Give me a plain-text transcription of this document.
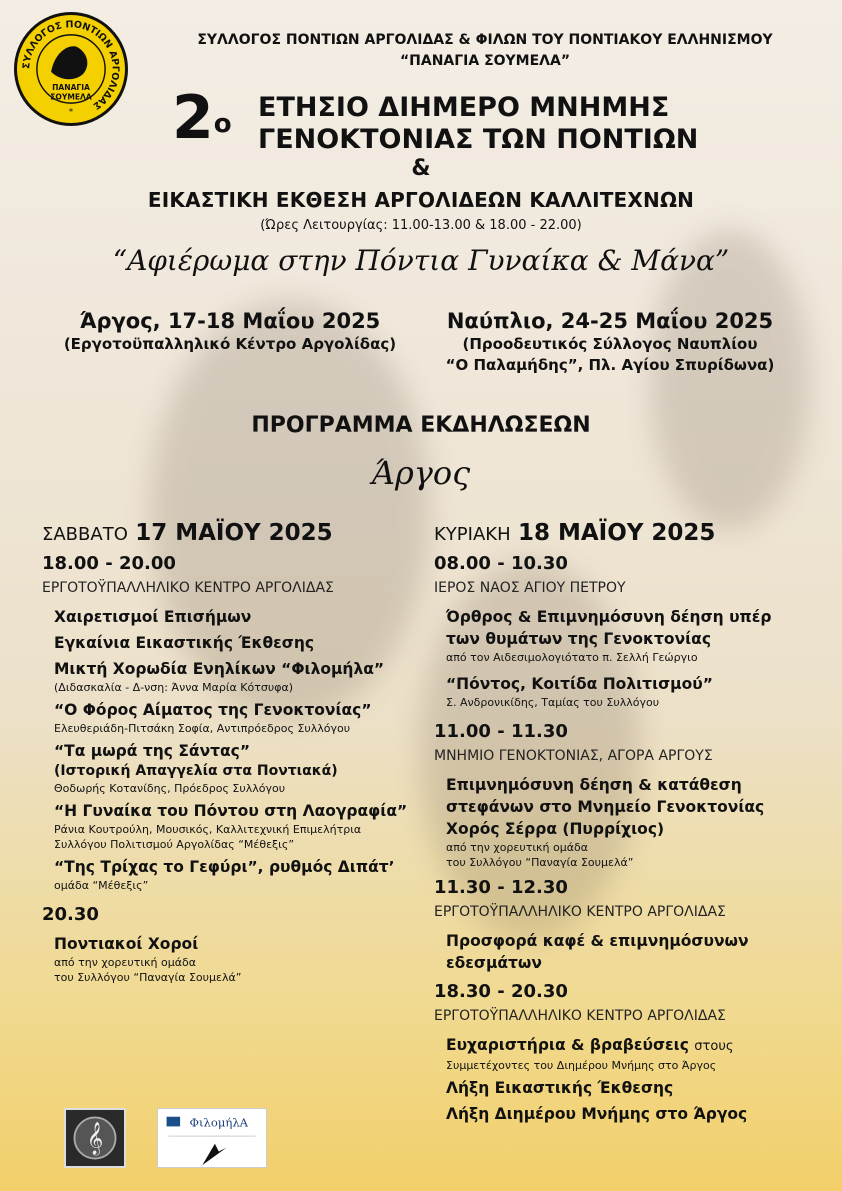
ΣΥΛΛΟΓΟΣ ΠΟΝΤΙΩΝ ΑΡΓΟΛΙΔΑΣ
ΠΑΝΑΓΙΑ
ΣΟΥΜΕΛΑ
*
ΣΥΛΛΟΓΟΣ ΠΟΝΤΙΩΝ ΑΡΓΟΛΙΔΑΣ & ΦΙΛΩΝ ΤΟΥ ΠΟΝΤΙΑΚΟΥ ΕΛΛΗΝΙΣΜΟΥ
“ΠΑΝΑΓΙΑ ΣΟΥΜΕΛΑ”
$2^o$
ΕΤΗΣΙΟ ΔΙΗΜΕΡΟ ΜΝΗΜΗΣ
ΓΕΝΟΚΤΟΝΙΑΣ ΤΩΝ ΠΟΝΤΙΩΝ
&
ΕΙΚΑΣΤΙΚΗ ΕΚΘΕΣΗ ΑΡΓΟΛΙΔΕΩΝ ΚΑΛΛΙΤΕΧΝΩΝ
(Ώρες Λειτουργίας: 11.00-13.00 & 18.00 - 22.00)
“Αφιέρωμα στην Πόντια Γυναίκα & Μάνα”
Άργος, 17-18 Μαΐου 2025
(Εργοτοϋπαλληλικό Κέντρο Αργολίδας)
Ναύπλιο, 24-25 Μαΐου 2025
(Προοδευτικός Σύλλογος Ναυπλίου
“Ο Παλαμήδης”, Πλ. Αγίου Σπυρίδωνα)
ΠΡΟΓΡΑΜΜΑ ΕΚΔΗΛΩΣΕΩΝ
Άργος
ΣΑΒΒΑΤΟ 17 ΜΑΪΟΥ 2025
18.00 - 20.00
ΕΡΓΟΤΟΫΠΑΛΛΗΛΙΚΟ ΚΕΝΤΡΟ ΑΡΓΟΛΙΔΑΣ
Χαιρετισμοί Επισήμων
Εγκαίνια Εικαστικής Έκθεσης
Μικτή Χορωδία Ενηλίκων “Φιλομήλα”
(Διδασκαλία - Δ-νση: Άννα Μαρία Κότσυφα)
“Ο Φόρος Αίματος της Γενοκτονίας”
Ελευθεριάδη-Πιτσάκη Σοφία, Αντιπρόεδρος Συλλόγου
“Τα μωρά της Σάντας”
(Ιστορική Απαγγελία στα Ποντιακά)
Θοδωρής Κοτανίδης, Πρόεδρος Συλλόγου
“Η Γυναίκα του Πόντου στη Λαογραφία”
Ράνια Κουτρούλη, Μουσικός, Καλλιτεχνική Επιμελήτρια
Συλλόγου Πολιτισμού Αργολίδας “Μέθεξις”
“Της Τρίχας το Γεφύρι”, ρυθμός Διπάτ’
ομάδα “Μέθεξις”
20.30
Ποντιακοί Χοροί
από την χορευτική ομάδα
του Συλλόγου “Παναγία Σουμελά”
ΚΥΡΙΑΚΗ 18 ΜΑΪΟΥ 2025
08.00 - 10.30
ΙΕΡΟΣ ΝΑΟΣ ΑΓΙΟΥ ΠΕΤΡΟΥ
Όρθρος & Επιμνημόσυνη δέηση υπέρ
των θυμάτων της Γενοκτονίας
από τον Αιδεσιμολογιότατο π. Σελλή Γεώργιο
“Πόντος, Κοιτίδα Πολιτισμού”
Σ. Ανδρονικίδης, Ταμίας του Συλλόγου
11.00 - 11.30
ΜΝΗΜΙΟ ΓΕΝΟΚΤΟΝΙΑΣ, ΑΓΟΡΑ ΑΡΓΟΥΣ
Επιμνημόσυνη δέηση & κατάθεση
στεφάνων στο Μνημείο Γενοκτονίας
Χορός Σέρρα (Πυρρίχιος)
από την χορευτική ομάδα
του Συλλόγου “Παναγία Σουμελά”
11.30 - 12.30
ΕΡΓΟΤΟΫΠΑΛΛΗΛΙΚΟ ΚΕΝΤΡΟ ΑΡΓΟΛΙΔΑΣ
Προσφορά καφέ & επιμνημόσυνων
εδεσμάτων
18.30 - 20.30
ΕΡΓΟΤΟΫΠΑΛΛΗΛΙΚΟ ΚΕΝΤΡΟ ΑΡΓΟΛΙΔΑΣ
Ευχαριστήρια & βραβεύσεις στους
Συμμετέχοντες του Διημέρου Μνήμης στο Άργος
Λήξη Εικαστικής Έκθεσης
Λήξη Διημέρου Μνήμης στο Άργος
𝄞	ΦιλομήλΑ
